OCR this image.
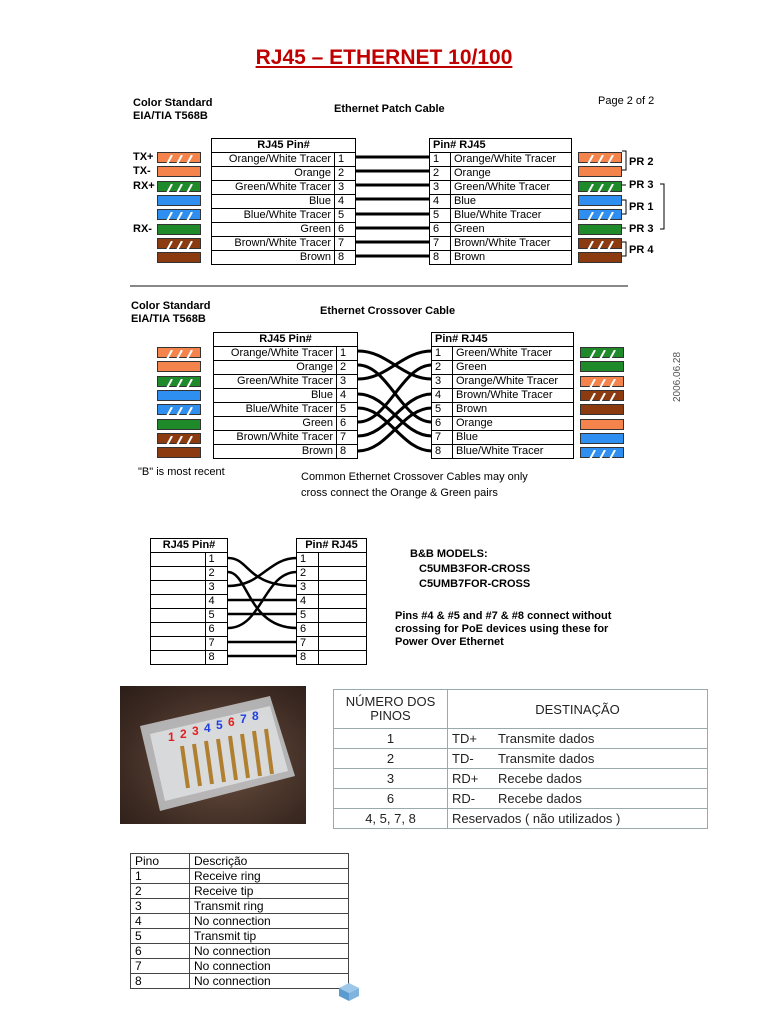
RJ45 – ETHERNET 10/100
Color Standard
EIA/TIA T568B
Ethernet Patch Cable
Page 2 of 2
TX+
TX-
RX+
RX-
RJ45 Pin#	
Orange/White Tracer	1
Orange	2
Green/White Tracer	3
Blue	4
Blue/White Tracer	5
Green	6
Brown/White Tracer	7
Brown	8
Pin# RJ45	
1	Orange/White Tracer
2	Orange
3	Green/White Tracer
4	Blue
5	Blue/White Tracer
6	Green
7	Brown/White Tracer
8	Brown
PR 2
PR 3
PR 1
PR 3
PR 4
Color Standard
EIA/TIA T568B
Ethernet Crossover Cable
RJ45 Pin#	
Orange/White Tracer	1
Orange	2
Green/White Tracer	3
Blue	4
Blue/White Tracer	5
Green	6
Brown/White Tracer	7
Brown	8
Pin# RJ45	
1	Green/White Tracer
2	Green
3	Orange/White Tracer
4	Brown/White Tracer
5	Brown
6	Orange
7	Blue
8	Blue/White Tracer
2006.06.28
"B" is most recent	Common Ethernet Crossover Cables may only
cross connect the Orange & Green pairs
RJ45 Pin#	
	1
	2
	3
	4
	5
	6
	7
	8
Pin# RJ45	
1	
2	
3	
4	
5	
6	
7	
8	
B&B MODELS:
C5UMB3FOR-CROSS
C5UMB7FOR-CROSS
Pins #4 & #5 and #7 & #8 connect without
crossing for PoE devices using these for
Power Over Ethernet
1 2 3 4 5 6 7 8
NÚMERO DOS
PINOS	DESTINAÇÃO	
1	TD+	Transmite dados
2	TD-	Transmite dados
3	RD+	Recebe dados
6	RD-	Recebe dados
4, 5, 7, 8	Reservados ( não utilizados )	
Pino	Descrição
1	Receive ring
2	Receive tip
3	Transmit ring
4	No connection
5	Transmit tip
6	No connection
7	No connection
8	No connection
